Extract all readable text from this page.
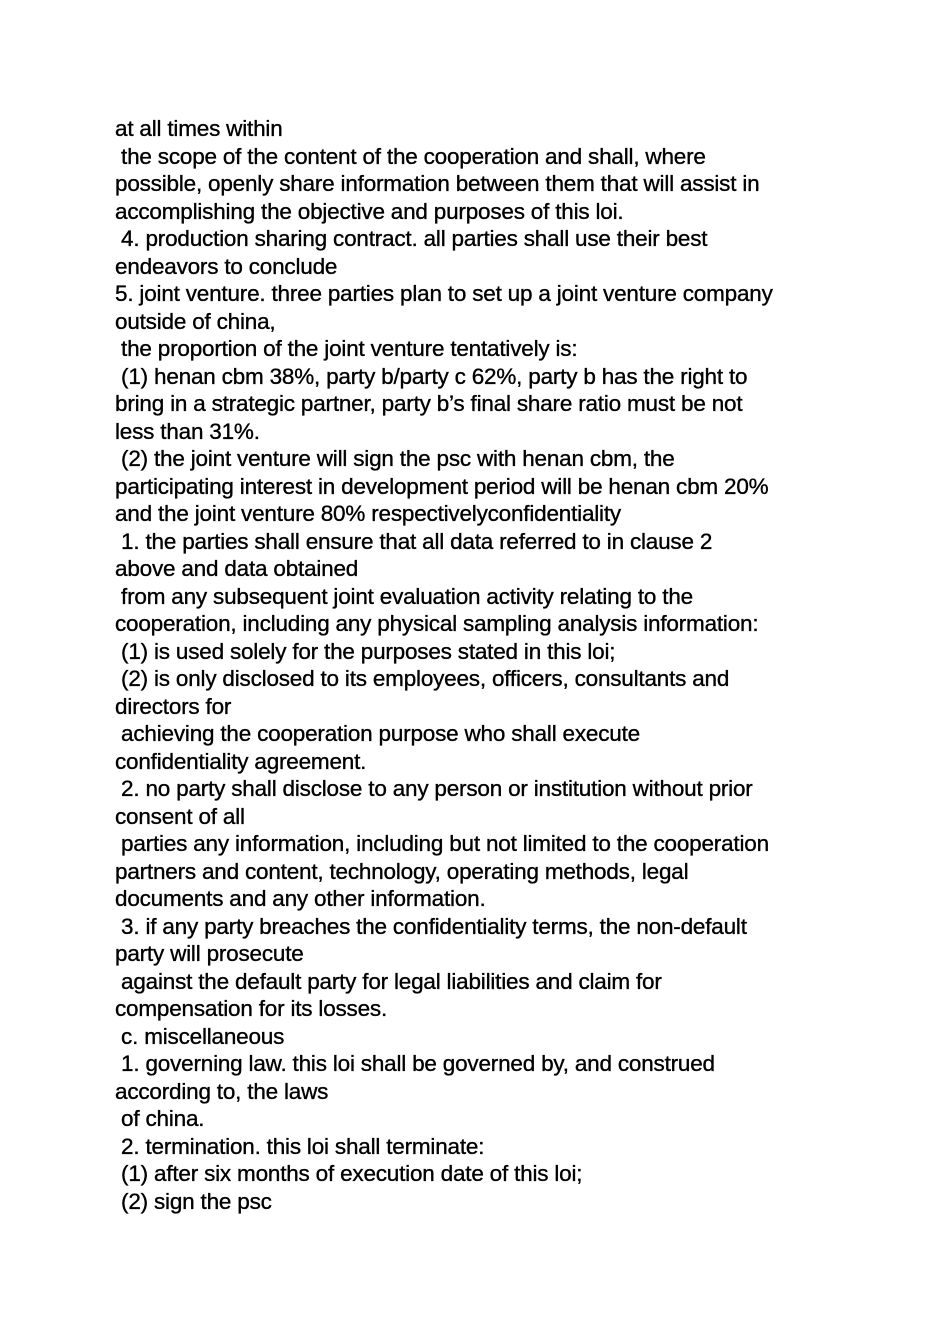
at all times within
the scope of the content of the cooperation and shall, where
possible, openly share information between them that will assist in
accomplishing the objective and purposes of this loi.
4. production sharing contract. all parties shall use their best
endeavors to conclude
5. joint venture. three parties plan to set up a joint venture company
outside of china,
the proportion of the joint venture tentatively is:
(1) henan cbm 38%, party b/party c 62%, party b has the right to
bring in a strategic partner, party b’s final share ratio must be not
less than 31%.
(2) the joint venture will sign the psc with henan cbm, the
participating interest in development period will be henan cbm 20%
and the joint venture 80% respectivelyconfidentiality
1. the parties shall ensure that all data referred to in clause 2
above and data obtained
from any subsequent joint evaluation activity relating to the
cooperation, including any physical sampling analysis information:
(1) is used solely for the purposes stated in this loi;
(2) is only disclosed to its employees, officers, consultants and
directors for
achieving the cooperation purpose who shall execute
confidentiality agreement.
2. no party shall disclose to any person or institution without prior
consent of all
parties any information, including but not limited to the cooperation
partners and content, technology, operating methods, legal
documents and any other information.
3. if any party breaches the confidentiality terms, the non-default
party will prosecute
against the default party for legal liabilities and claim for
compensation for its losses.
c. miscellaneous
1. governing law. this loi shall be governed by, and construed
according to, the laws
of china.
2. termination. this loi shall terminate:
(1) after six months of execution date of this loi;
(2) sign the psc
